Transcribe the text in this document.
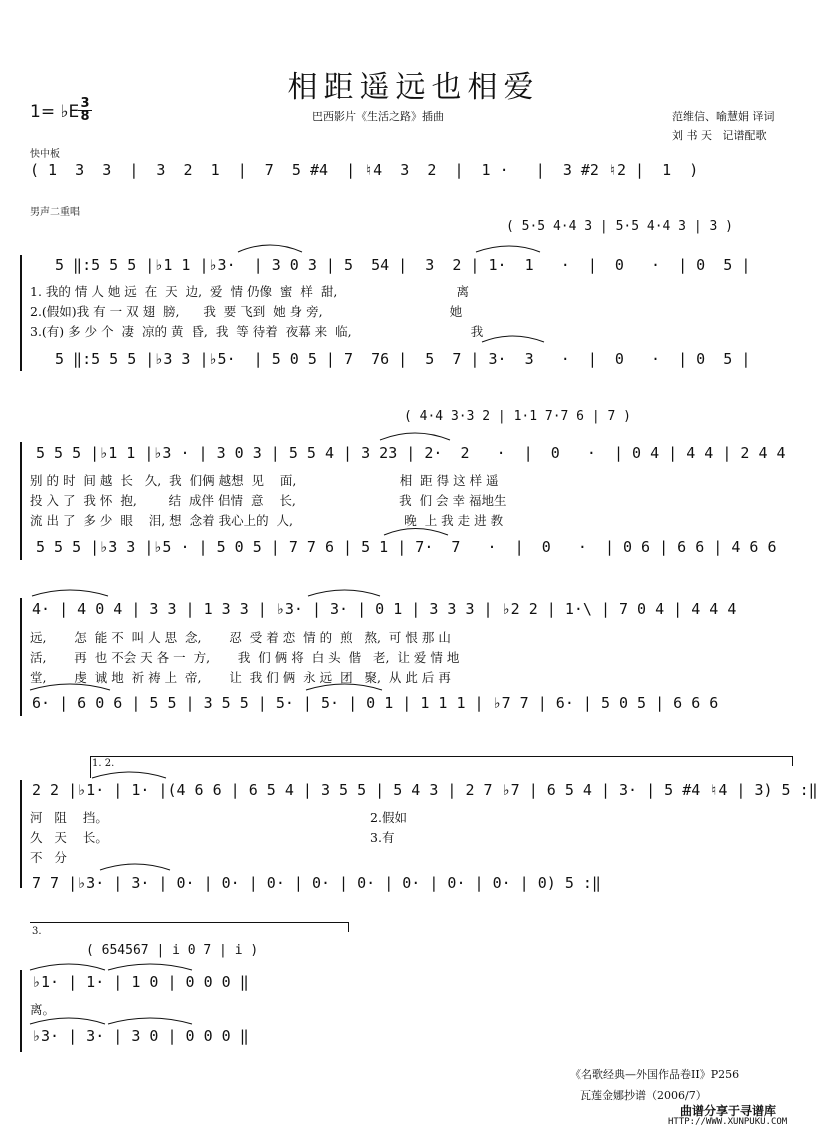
相距遥远也相爱
1= ♭E
$\frac{3}{8}$	巴西影片《生活之路》插曲	范维信、喻慧娟 译词
刘 书 天   记谱配歌
快中板
( 1  3  3  |  3  2  1  |  7  5 #4  | ♮4  3  2  |  1 ·   |  3 #2 ♮2 |  1  )
男声二重唱
( 5·5 4·4 3 | 5·5 4·4 3 | 3 )
5 ‖:5 5 5 |♭1 1 |♭3·  | 3 0 3 | 5  54 |  3  2 | 1·  1   ·  |  0   ·  | 0  5 |
1. 我的 情 人 她 远  在  天  边,  爱  情 仍像  蜜  样  甜,                              离
2.(假如)我 有 一 双 翅  膀,      我  要 飞到  她 身 旁,                                她
3.(有) 多 少 个  凄  凉的 黄  昏,  我  等 待着  夜幕 来  临,                              我
5 ‖:5 5 5 |♭3 3 |♭5·  | 5 0 5 | 7  76 |  5  7 | 3·  3   ·  |  0   ·  | 0  5 |
( 4·4 3·3 2 | 1·1 7·7 6 | 7 )
5 5 5 |♭1 1 |♭3 · | 3 0 3 | 5 5 4 | 3 23 | 2·  2   ·  |  0   ·  | 0 4 | 4 4 | 2 4 4
别 的 时  间 越  长   久,  我  们俩 越想  见    面,                          相  距 得 这 样 遥
投 入 了  我 怀  抱,        结  成伴 侣情  意    长,                          我  们 会 幸 福地生
流 出 了  多 少  眼    泪, 想  念着 我心上的  人,                            晚  上 我 走 进 教
5 5 5 |♭3 3 |♭5 · | 5 0 5 | 7 7 6 | 5 1 | 7·  7   ·  |  0   ·  | 0 6 | 6 6 | 4 6 6
4· | 4 0 4 | 3 3 | 1 3 3 | ♭3· | 3· | 0 1 | 3 3 3 | ♭2 2 | 1·\ | 7 0 4 | 4 4 4
远,       怎  能 不  叫 人 思  念,       忍  受 着 恋  情 的  煎   熬,  可 恨 那 山
活,       再  也 不会 天 各 一  方,       我  们 俩 将  白 头  偕   老,  让 爱 情 地
堂,       虔  诚 地  祈 祷 上  帝,       让  我 们 俩  永 远  团   聚,  从 此 后 再
6· | 6 0 6 | 5 5 | 3 5 5 | 5· | 5· | 0 1 | 1 1 1 | ♭7 7 | 6· | 5 0 5 | 6 6 6
1. 2.
2 2 |♭1· | 1· |(4 6 6 | 6 5 4 | 3 5 5 | 5 4 3 | 2 7 ♭7 | 6 5 4 | 3· | 5 #4 ♮4 | 3) 5 :‖
河   阻    挡。                                                                  2.假如
久   天    长。                                                                  3.有
不   分
7 7 |♭3· | 3· | 0· | 0· | 0· | 0· | 0· | 0· | 0· | 0· | 0) 5 :‖
3.
( 654567 | i 0 7 | i )
♭1· | 1· | 1 0 | 0 0 0 ‖
离。
♭3· | 3· | 3 0 | 0 0 0 ‖
《名歌经典—外国作品卷II》P256
瓦莲金娜抄谱（2006/7）
曲谱分享于寻谱库
HTTP://WWW.XUNPUKU.COM
